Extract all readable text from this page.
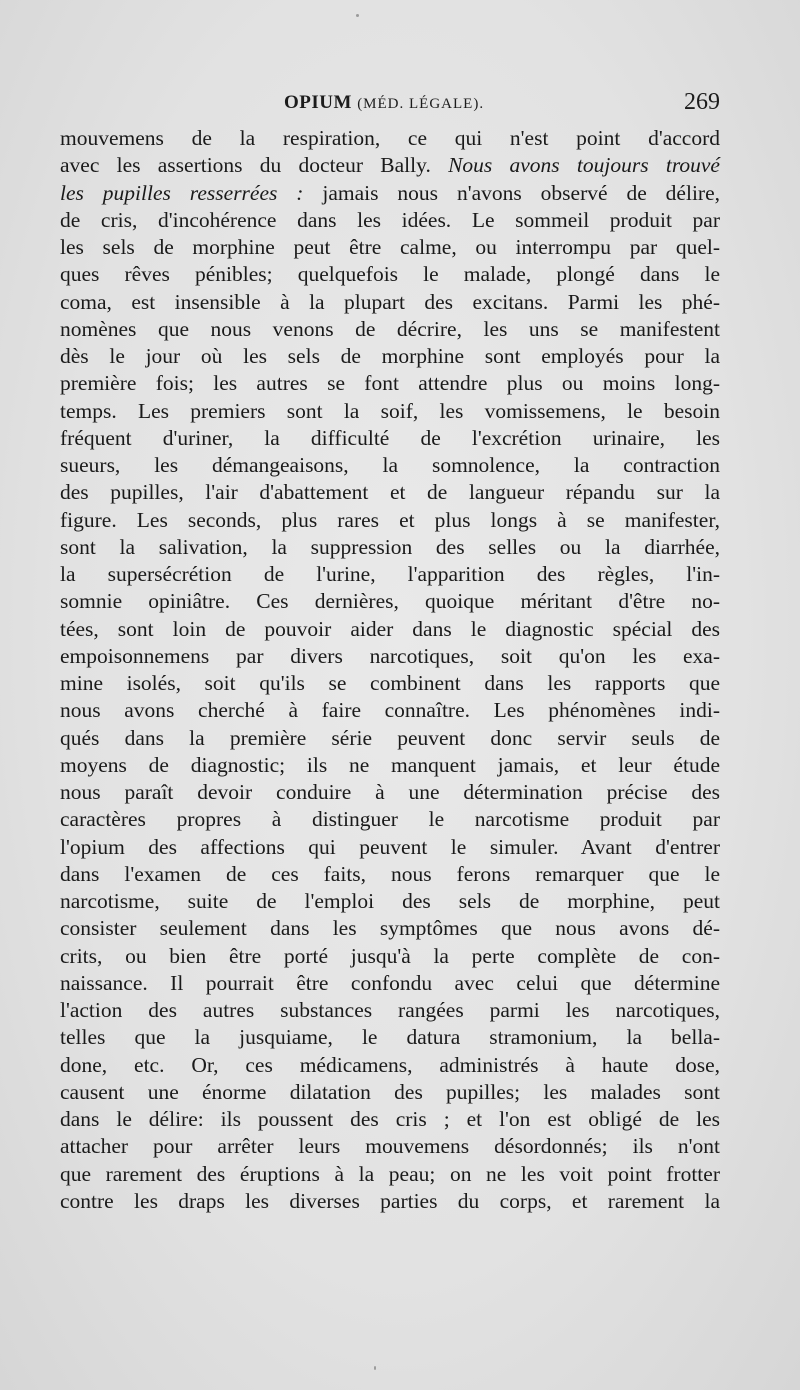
OPIUM (MÉD. LÉGALE).	269
mouvemens de la respiration, ce qui n'est point d'accord
avec les assertions du docteur Bally. Nous avons toujours trouvé
les pupilles resserrées : jamais nous n'avons observé de délire,
de cris, d'incohérence dans les idées. Le sommeil produit par
les sels de morphine peut être calme, ou interrompu par quel-
ques rêves pénibles; quelquefois le malade, plongé dans le
coma, est insensible à la plupart des excitans. Parmi les phé-
nomènes que nous venons de décrire, les uns se manifestent
dès le jour où les sels de morphine sont employés pour la
première fois; les autres se font attendre plus ou moins long-
temps. Les premiers sont la soif, les vomissemens, le besoin
fréquent d'uriner, la difficulté de l'excrétion urinaire, les
sueurs, les démangeaisons, la somnolence, la contraction
des pupilles, l'air d'abattement et de langueur répandu sur la
figure. Les seconds, plus rares et plus longs à se manifester,
sont la salivation, la suppression des selles ou la diarrhée,
la supersécrétion de l'urine, l'apparition des règles, l'in-
somnie opiniâtre. Ces dernières, quoique méritant d'être no-
tées, sont loin de pouvoir aider dans le diagnostic spécial des
empoisonnemens par divers narcotiques, soit qu'on les exa-
mine isolés, soit qu'ils se combinent dans les rapports que
nous avons cherché à faire connaître. Les phénomènes indi-
qués dans la première série peuvent donc servir seuls de
moyens de diagnostic; ils ne manquent jamais, et leur étude
nous paraît devoir conduire à une détermination précise des
caractères propres à distinguer le narcotisme produit par
l'opium des affections qui peuvent le simuler. Avant d'entrer
dans l'examen de ces faits, nous ferons remarquer que le
narcotisme, suite de l'emploi des sels de morphine, peut
consister seulement dans les symptômes que nous avons dé-
crits, ou bien être porté jusqu'à la perte complète de con-
naissance. Il pourrait être confondu avec celui que détermine
l'action des autres substances rangées parmi les narcotiques,
telles que la jusquiame, le datura stramonium, la bella-
done, etc. Or, ces médicamens, administrés à haute dose,
causent une énorme dilatation des pupilles; les malades sont
dans le délire: ils poussent des cris ; et l'on est obligé de les
attacher pour arrêter leurs mouvemens désordonnés; ils n'ont
que rarement des éruptions à la peau; on ne les voit point frotter
contre les draps les diverses parties du corps, et rarement la
